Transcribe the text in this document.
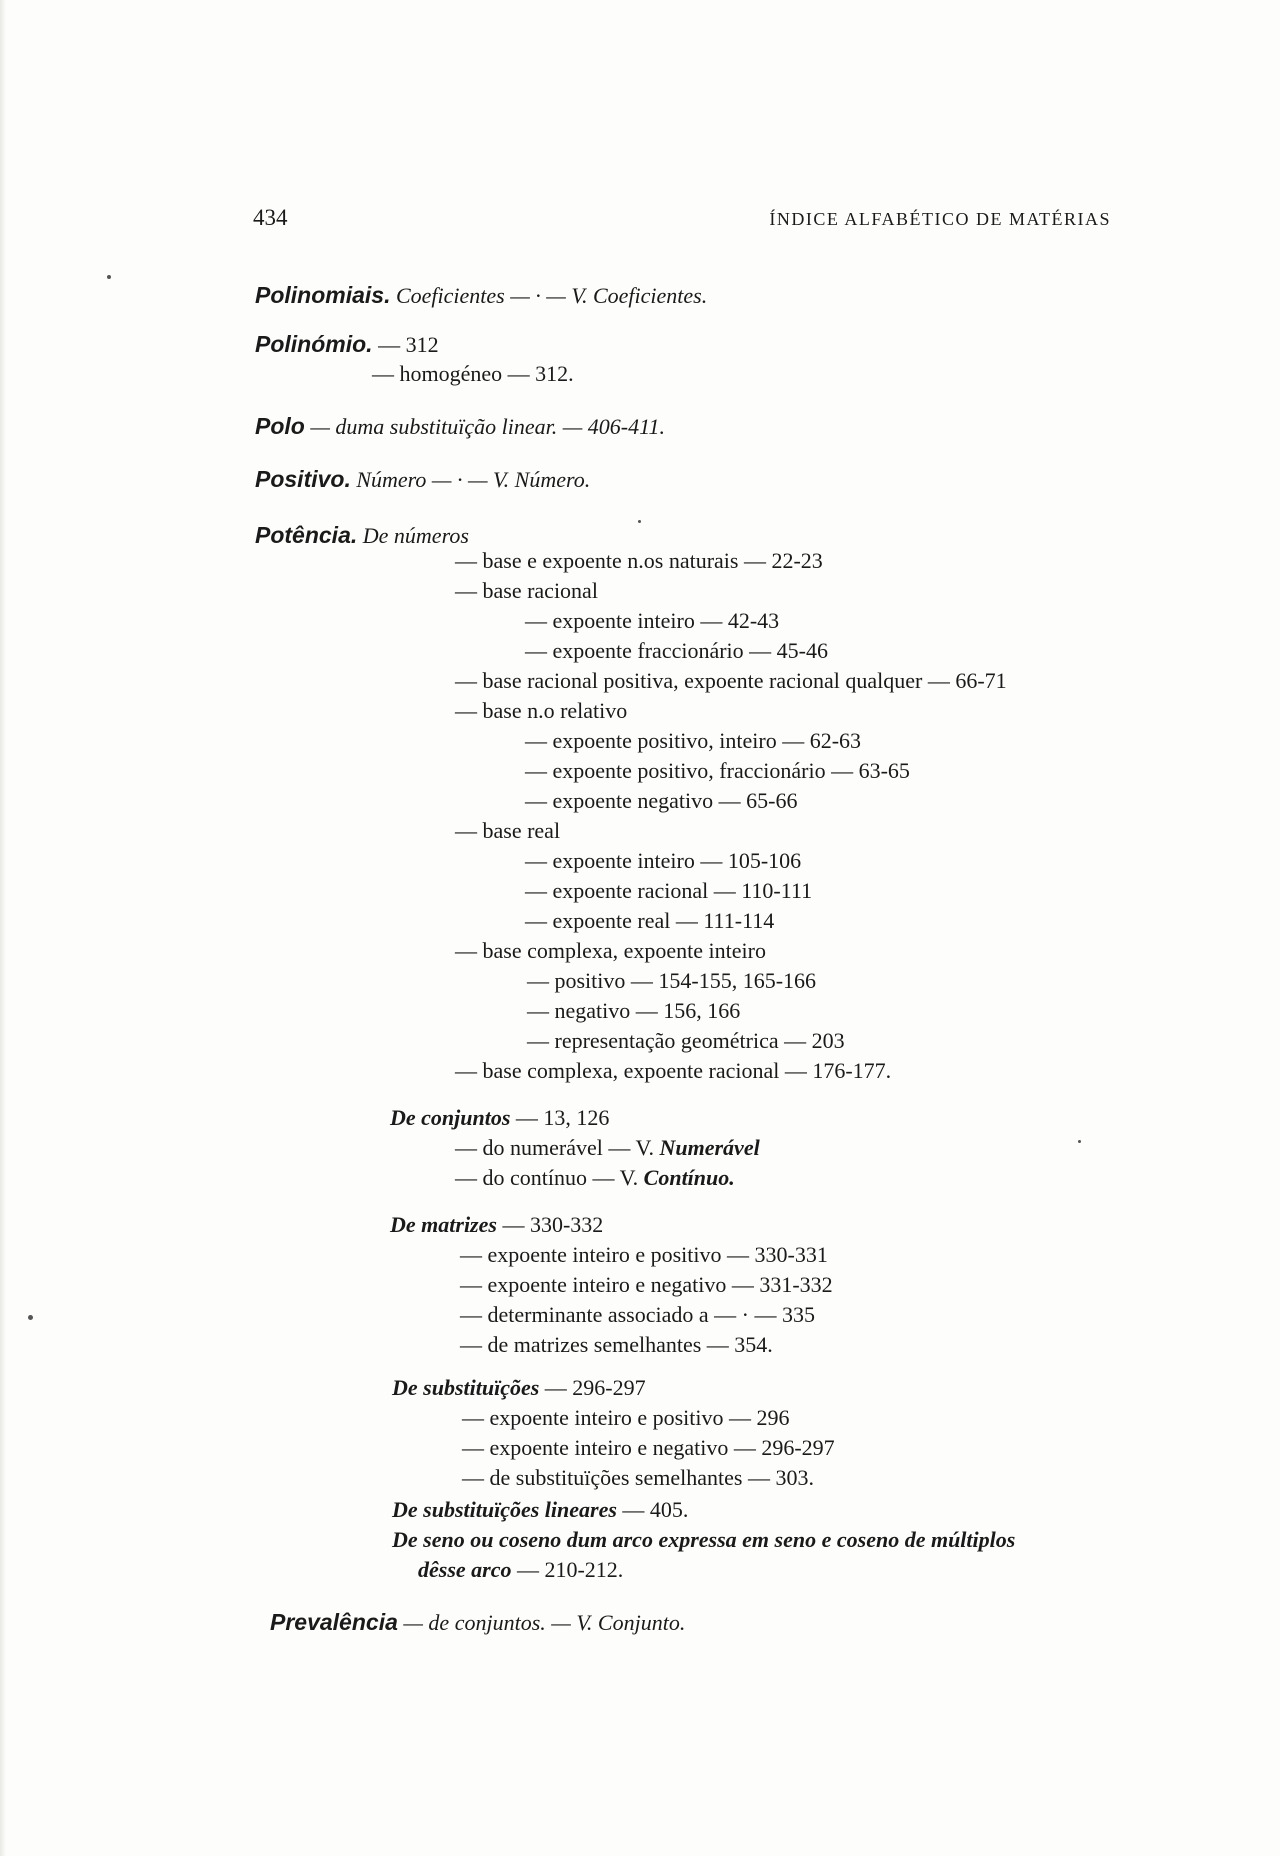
434	ÍNDICE ALFABÉTICO DE MATÉRIAS
Polinomiais. Coeficientes — · — V. Coeficientes.
Polinómio. — 312
— homogéneo — 312.
Polo — duma substituïção linear. — 406-411.
Positivo. Número — · — V. Número.
Potência. De números
— base e expoente n.os naturais — 22-23
— base racional
— expoente inteiro — 42-43
— expoente fraccionário — 45-46
— base racional positiva, expoente racional qualquer — 66-71
— base n.o relativo
— expoente positivo, inteiro — 62-63
— expoente positivo, fraccionário — 63-65
— expoente negativo — 65-66
— base real
— expoente inteiro — 105-106
— expoente racional — 110-111
— expoente real — 111-114
— base complexa, expoente inteiro
— positivo — 154-155, 165-166
— negativo — 156, 166
— representação geométrica — 203
— base complexa, expoente racional — 176-177.
De conjuntos — 13, 126
— do numerável — V. Numerável
— do contínuo — V. Contínuo.
De matrizes — 330-332
— expoente inteiro e positivo — 330-331
— expoente inteiro e negativo — 331-332
— determinante associado a — · — 335
— de matrizes semelhantes — 354.
De substituïções — 296-297
— expoente inteiro e positivo — 296
— expoente inteiro e negativo — 296-297
— de substituïções semelhantes — 303.
De substituïções lineares — 405.
De seno ou coseno dum arco expressa em seno e coseno de múltiplos
dêsse arco — 210-212.
Prevalência — de conjuntos. — V. Conjunto.
